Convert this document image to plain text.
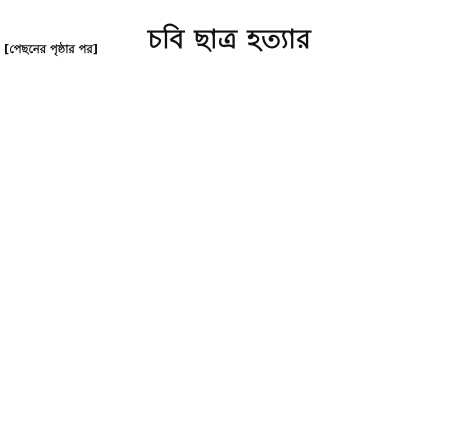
চবি ছাত্র হত্যার

[পেছনের পৃষ্ঠার পর]
